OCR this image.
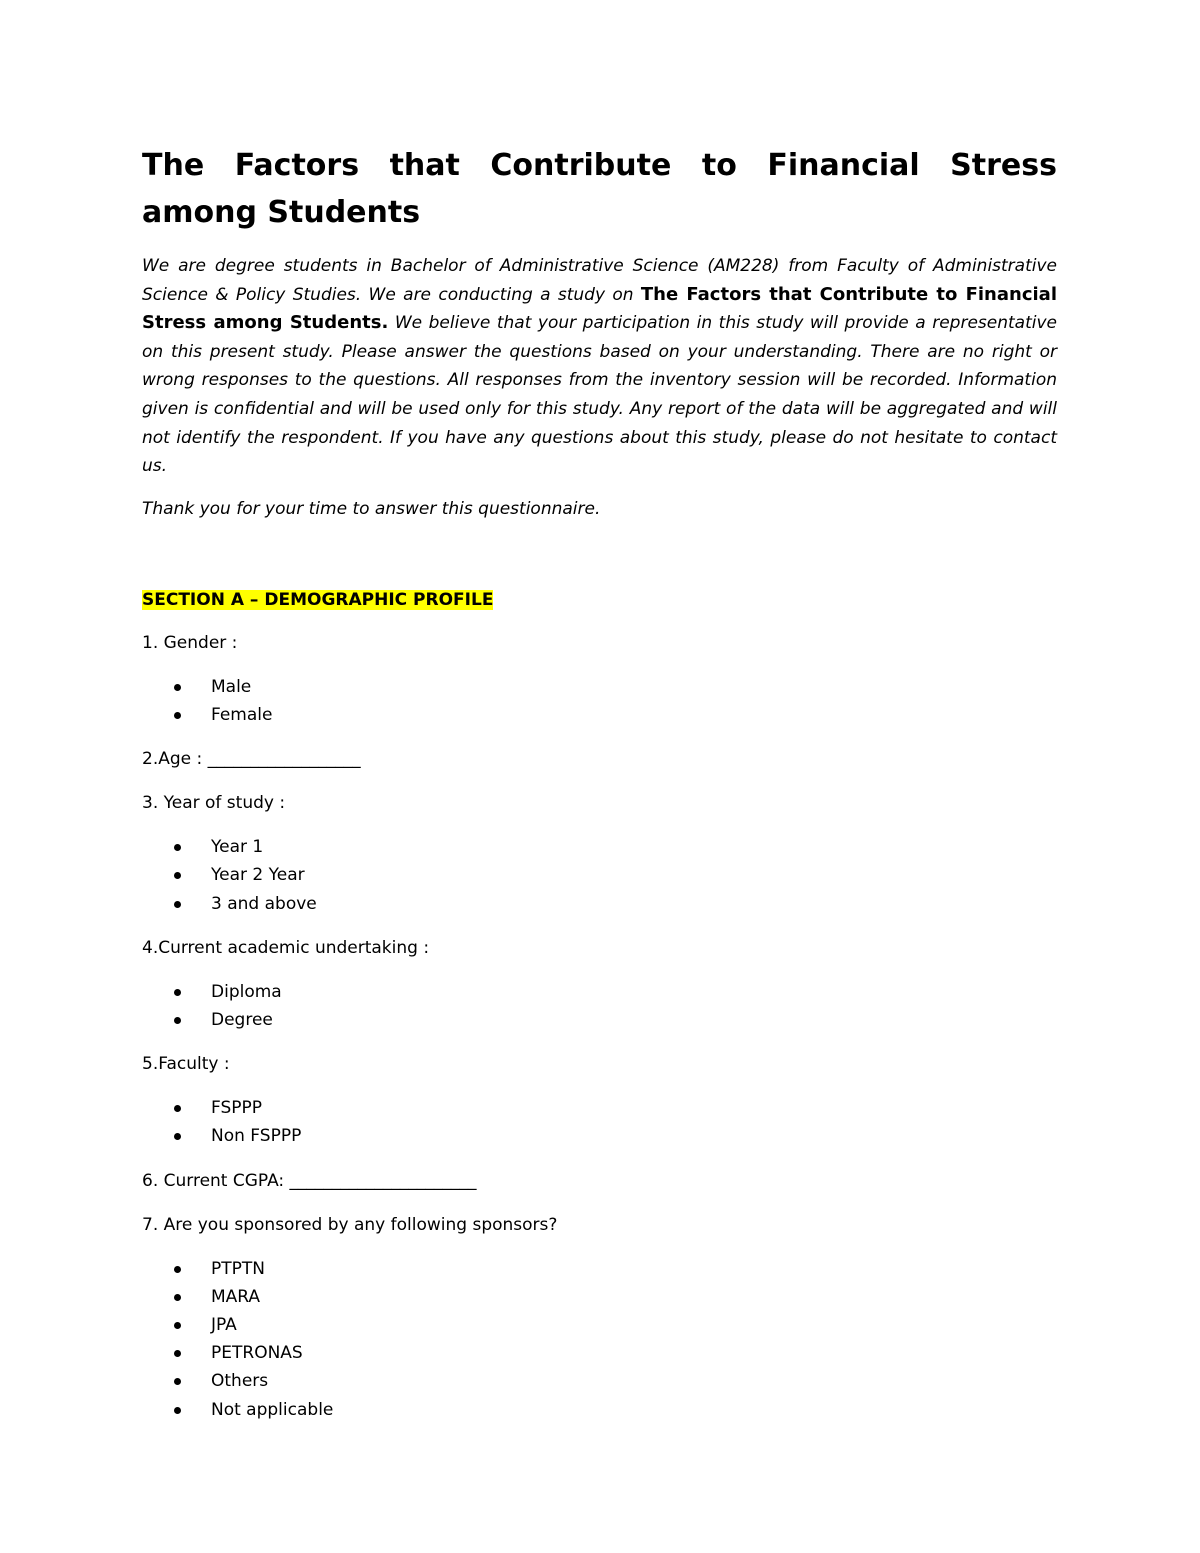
The Factors that Contribute to Financial Stress among Students

We are degree students in Bachelor of Administrative Science (AM228) from Faculty of Administrative Science & Policy Studies. We are conducting a study on The Factors that Contribute to Financial Stress among Students. We believe that your participation in this study will provide a representative on this present study. Please answer the questions based on your understanding. There are no right or wrong responses to the questions. All responses from the inventory session will be recorded. Information given is confidential and will be used only for this study. Any report of the data will be aggregated and will not identify the respondent. If you have any questions about this study, please do not hesitate to contact us.

Thank you for your time to answer this questionnaire.

SECTION A – DEMOGRAPHIC PROFILE
1. Gender :
Male
Female
2.Age : __________________
3. Year of study :
Year 1
Year 2 Year
3 and above
4.Current academic undertaking :
Diploma
Degree
5.Faculty :
FSPPP
Non FSPPP
6. Current CGPA: ______________________
7. Are you sponsored by any following sponsors?
PTPTN
MARA
JPA
PETRONAS
Others
Not applicable
